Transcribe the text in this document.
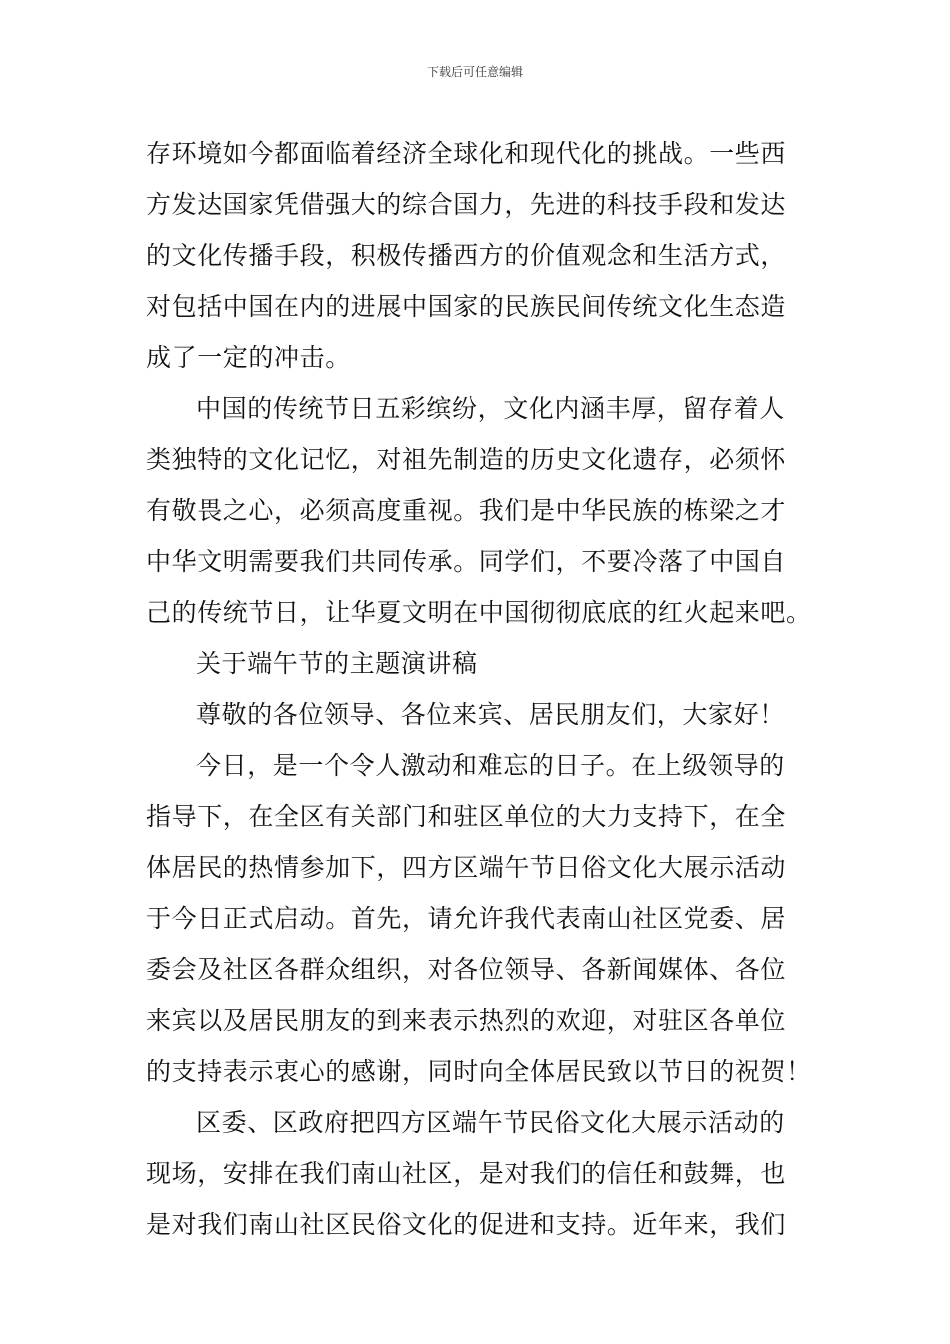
下载后可任意编辑

存环境如今都面临着经济全球化和现代化的挑战。一些西
方发达国家凭借强大的综合国力，先进的科技手段和发达
的文化传播手段，积极传播西方的价值观念和生活方式，
对包括中国在内的进展中国家的民族民间传统文化生态造
成了一定的冲击。

中国的传统节日五彩缤纷，文化内涵丰厚，留存着人
类独特的文化记忆，对祖先制造的历史文化遗存，必须怀
有敬畏之心，必须高度重视。我们是中华民族的栋梁之才
中华文明需要我们共同传承。同学们，不要冷落了中国自
己的传统节日，让华夏文明在中国彻彻底底的红火起来吧。

关于端午节的主题演讲稿

尊敬的各位领导、各位来宾、居民朋友们，大家好！

今日，是一个令人激动和难忘的日子。在上级领导的
指导下，在全区有关部门和驻区单位的大力支持下，在全
体居民的热情参加下，四方区端午节日俗文化大展示活动
于今日正式启动。首先，请允许我代表南山社区党委、居
委会及社区各群众组织，对各位领导、各新闻媒体、各位
来宾以及居民朋友的到来表示热烈的欢迎，对驻区各单位
的支持表示衷心的感谢，同时向全体居民致以节日的祝贺！

区委、区政府把四方区端午节民俗文化大展示活动的
现场，安排在我们南山社区，是对我们的信任和鼓舞，也
是对我们南山社区民俗文化的促进和支持。近年来，我们
